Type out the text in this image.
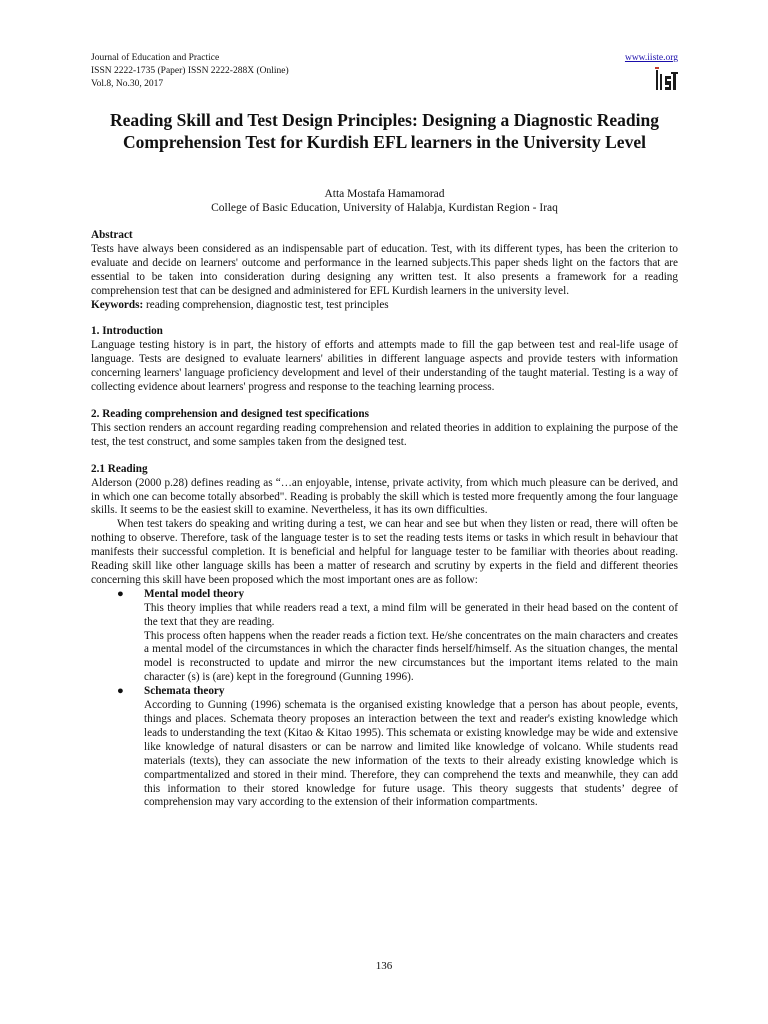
Journal of Education and Practice
ISSN 2222-1735 (Paper) ISSN 2222-288X (Online)
Vol.8, No.30, 2017
www.iiste.org
Reading Skill and Test Design Principles: Designing a Diagnostic Reading Comprehension Test for Kurdish EFL learners in the University Level
Atta Mostafa Hamamorad
College of Basic Education, University of Halabja, Kurdistan Region - Iraq

Abstract

Tests have always been considered as an indispensable part of education. Test, with its different types, has been the criterion to evaluate and decide on learners' outcome and performance in the learned subjects.This paper sheds light on the factors that are essential to be taken into consideration during designing any written test. It also presents a framework for a reading comprehension test that can be designed and administered for EFL Kurdish learners in the university level.

Keywords: reading comprehension, diagnostic test, test principles

1. Introduction

Language testing history is in part, the history of efforts and attempts made to fill the gap between test and real-life usage of language. Tests are designed to evaluate learners' abilities in different language aspects and provide testers with information concerning learners' language proficiency development and level of their understanding of the taught material. Testing is a way of collecting evidence about learners' progress and response to the teaching learning process.

2. Reading comprehension and designed test specifications

This section renders an account regarding reading comprehension and related theories in addition to explaining the purpose of the test, the test construct, and some samples taken from the designed test.

2.1 Reading

Alderson (2000 p.28) defines reading as “…an enjoyable, intense, private activity, from which much pleasure can be derived, and in which one can become totally absorbed". Reading is probably the skill which is tested more frequently among the four language skills. It seems to be the easiest skill to examine. Nevertheless, it has its own difficulties.

When test takers do speaking and writing during a test, we can hear and see but when they listen or read, there will often be nothing to observe. Therefore, task of the language tester is to set the reading tests items or tasks in which result in behaviour that manifests their successful completion. It is beneficial and helpful for language tester to be familiar with theories about reading. Reading skill like other language skills has been a matter of research and scrutiny by experts in the field and different theories concerning this skill have been proposed which the most important ones are as follow:

● Mental model theory

This theory implies that while readers read a text, a mind film will be generated in their head based on the content of the text that they are reading.

This process often happens when the reader reads a fiction text. He/she concentrates on the main characters and creates a mental model of the circumstances in which the character finds herself/himself. As the situation changes, the mental model is reconstructed to update and mirror the new circumstances but the important items related to the main character (s) is (are) kept in the foreground (Gunning 1996).

● Schemata theory

According to Gunning (1996) schemata is the organised existing knowledge that a person has about people, events, things and places. Schemata theory proposes an interaction between the text and reader's existing knowledge which leads to understanding the text (Kitao & Kitao 1995). This schemata or existing knowledge may be wide and extensive like knowledge of natural disasters or can be narrow and limited like knowledge of volcano. While students read materials (texts), they can associate the new information of the texts to their already existing knowledge which is compartmentalized and stored in their mind. Therefore, they can comprehend the texts and meanwhile, they can add this information to their stored knowledge for future usage. This theory suggests that students’ degree of comprehension may vary according to the extension of their information compartments.

136
